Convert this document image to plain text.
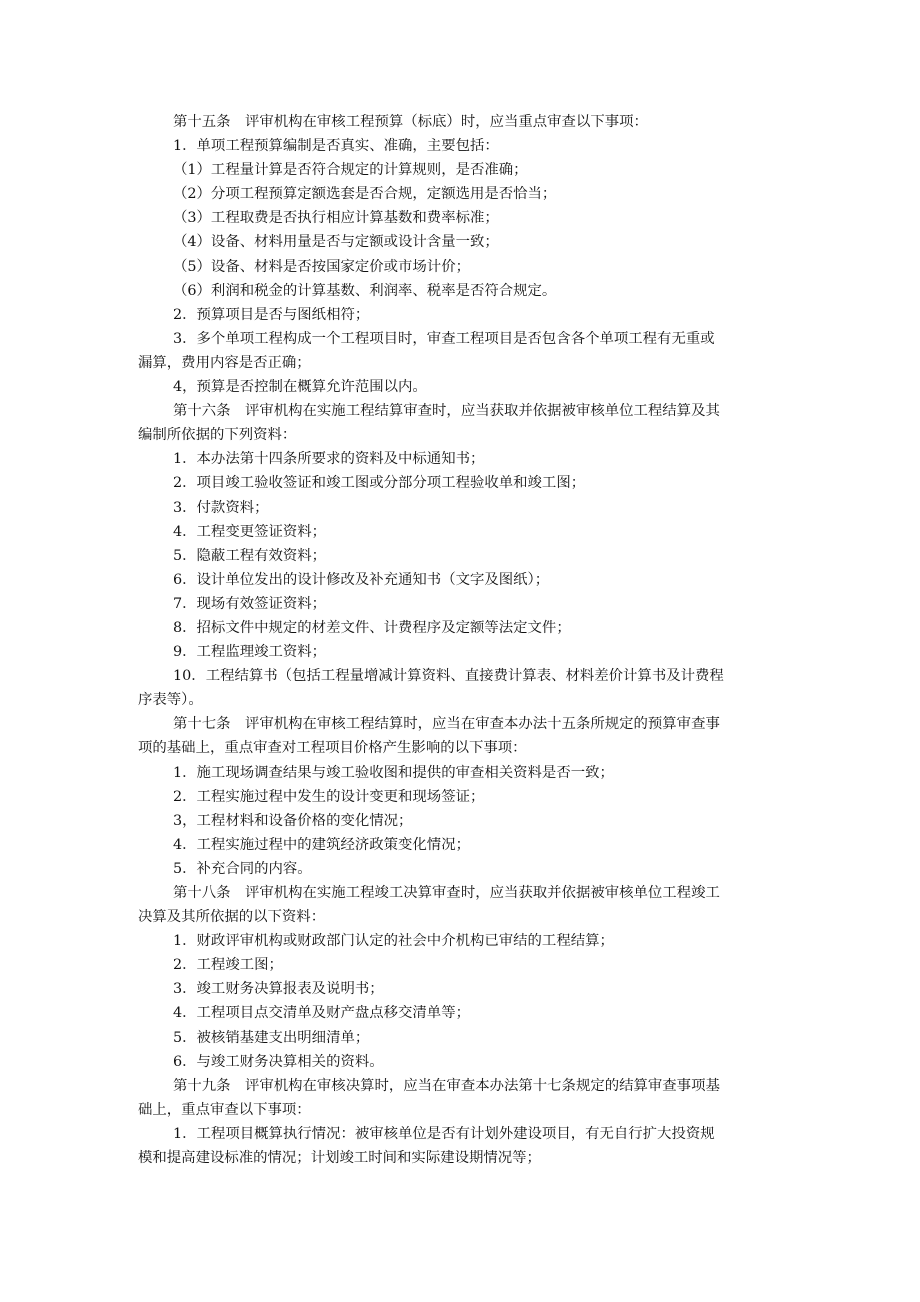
第十五条　评审机构在审核工程预算（标底）时，应当重点审查以下事项：
1．单项工程预算编制是否真实、准确，主要包括：
（1）工程量计算是否符合规定的计算规则，是否准确；
（2）分项工程预算定额选套是否合规，定额选用是否恰当；
（3）工程取费是否执行相应计算基数和费率标准；
（4）设备、材料用量是否与定额或设计含量一致；
（5）设备、材料是否按国家定价或市场计价；
（6）利润和税金的计算基数、利润率、税率是否符合规定。
2．预算项目是否与图纸相符；
3．多个单项工程构成一个工程项目时，审查工程项目是否包含各个单项工程有无重或
漏算，费用内容是否正确；
4，预算是否控制在概算允许范围以内。
第十六条　评审机构在实施工程结算审查时，应当获取并依据被审核单位工程结算及其
编制所依据的下列资料：
1．本办法第十四条所要求的资料及中标通知书；
2．项目竣工验收签证和竣工图或分部分项工程验收单和竣工图；
3．付款资料；
4．工程变更签证资料；
5．隐蔽工程有效资料；
6．设计单位发出的设计修改及补充通知书（文字及图纸）；
7．现场有效签证资料；
8．招标文件中规定的材差文件、计费程序及定额等法定文件；
9．工程监理竣工资料；
10．工程结算书（包括工程量增减计算资料、直接费计算表、材料差价计算书及计费程
序表等）。
第十七条　评审机构在审核工程结算时，应当在审查本办法十五条所规定的预算审查事
项的基础上，重点审查对工程项目价格产生影响的以下事项：
1．施工现场调查结果与竣工验收图和提供的审查相关资料是否一致；
2．工程实施过程中发生的设计变更和现场签证；
3，工程材料和设备价格的变化情况；
4．工程实施过程中的建筑经济政策变化情况；
5．补充合同的内容。
第十八条　评审机构在实施工程竣工决算审查时，应当获取并依据被审核单位工程竣工
决算及其所依据的以下资料：
1．财政评审机构或财政部门认定的社会中介机构已审结的工程结算；
2．工程竣工图；
3．竣工财务决算报表及说明书；
4．工程项目点交清单及财产盘点移交清单等；
5．被核销基建支出明细清单；
6．与竣工财务决算相关的资料。
第十九条　评审机构在审核决算时，应当在审查本办法第十七条规定的结算审查事项基
础上，重点审查以下事项：
1．工程项目概算执行情况：被审核单位是否有计划外建设项目，有无自行扩大投资规
模和提高建设标准的情况；计划竣工时间和实际建设期情况等；
